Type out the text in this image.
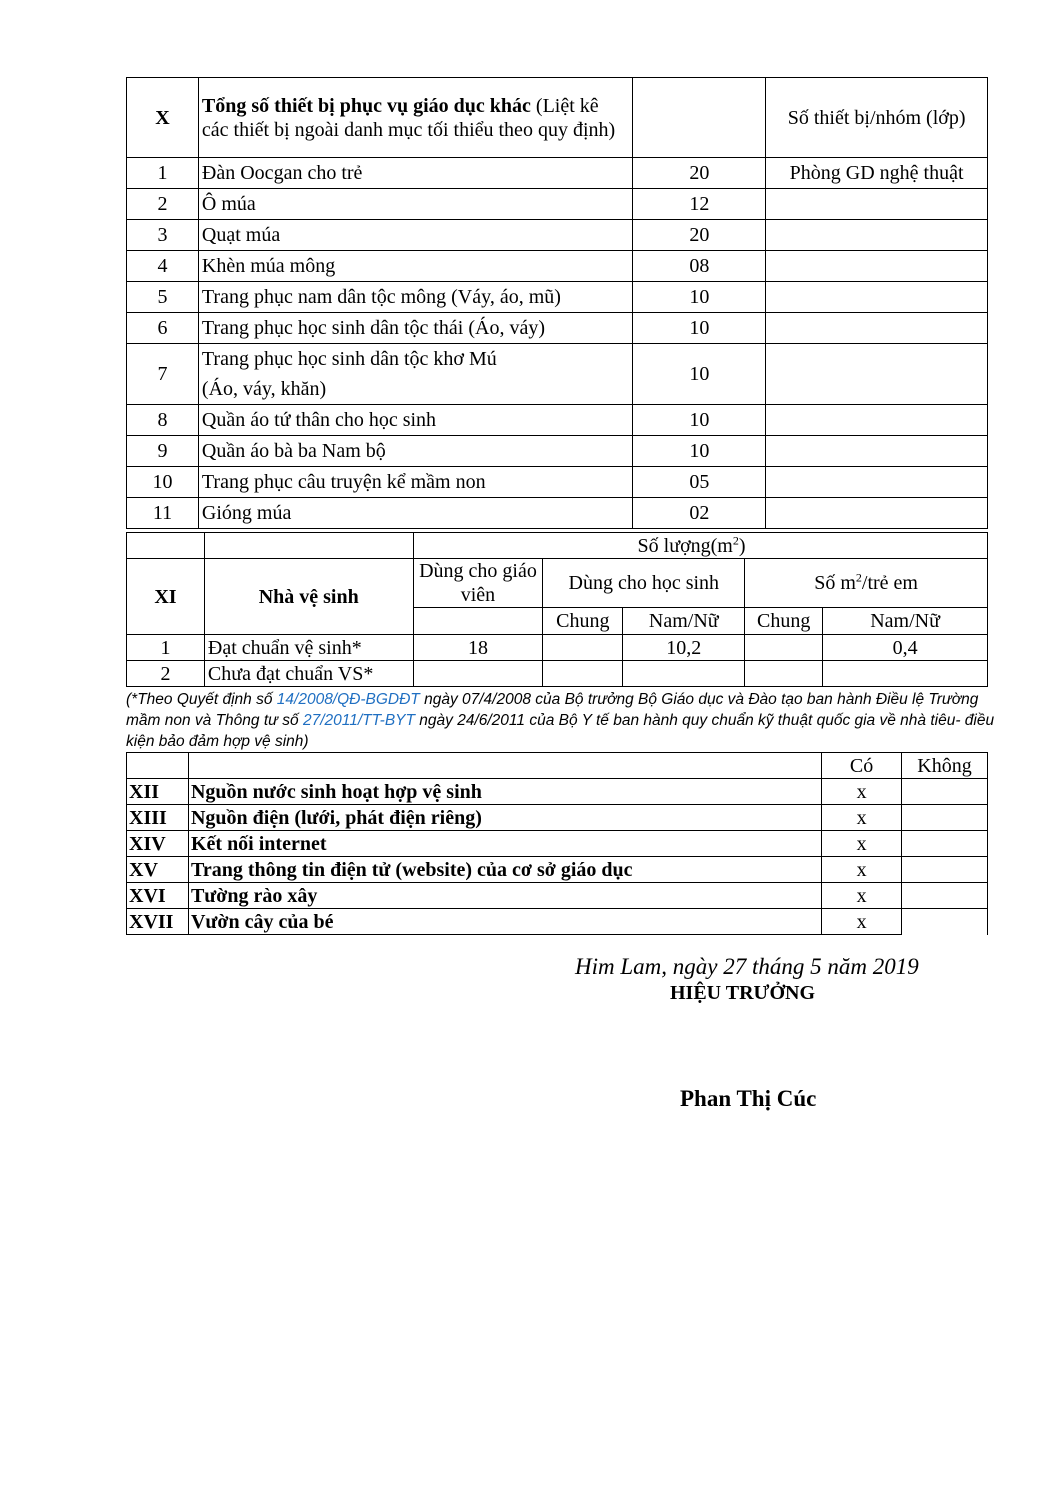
X	Tổng số thiết bị phục vụ giáo dục khác (Liệt kê các thiết bị ngoài danh mục tối thiểu theo quy định)		Số thiết bị/nhóm (lớp)
1	Đàn Oocgan cho trẻ	20	Phòng GD nghệ thuật
2	Ô múa	12	
3	Quạt múa	20	
4	Khèn múa mông	08	
5	Trang phục nam dân tộc mông (Váy, áo, mũ)	10	
6	Trang phục học sinh dân tộc thái (Áo, váy)	10	
7	Trang phục học sinh dân tộc khơ Mú (Áo, váy, khăn)	10	
8	Quần áo tứ thân cho học sinh	10	
9	Quần áo bà ba Nam bộ	10	
10	Trang phục câu truyện kể mầm non	05	
11	Gióng múa	02	
		Số $lượng(m^2)$				
XI	Nhà vệ sinh	Dùng cho giáo viên	Dùng cho học sinh		Số $m^2$/trẻ em	
			Chung	Nam/Nữ	Chung	Nam/Nữ
1	Đạt chuẩn vệ sinh*	18		10,2		0,4
2	Chưa đạt chuẩn VS*					
(*Theo Quyết định số 14/2008/QĐ-BGDĐT ngày 07/4/2008 của Bộ trưởng Bộ Giáo dục và Đào tạo ban hành Điều lệ Trường mầm non và Thông tư số 27/2011/TT-BYT ngày 24/6/2011 của Bộ Y tế ban hành quy chuẩn kỹ thuật quốc gia về nhà tiêu- điều kiện bảo đảm hợp vệ sinh)
		Có	Không
XII	Nguồn nước sinh hoạt hợp vệ sinh	x	
XIII	Nguồn điện (lưới, phát điện riêng)	x	
XIV	Kết nối internet	x	
XV	Trang thông tin điện tử (website) của cơ sở giáo dục	x	
XVI	Tường rào xây	x	
XVII	Vườn cây của bé	x	
Him Lam, ngày 27 tháng 5 năm 2019
HIỆU TRƯỞNG
Phan Thị Cúc
